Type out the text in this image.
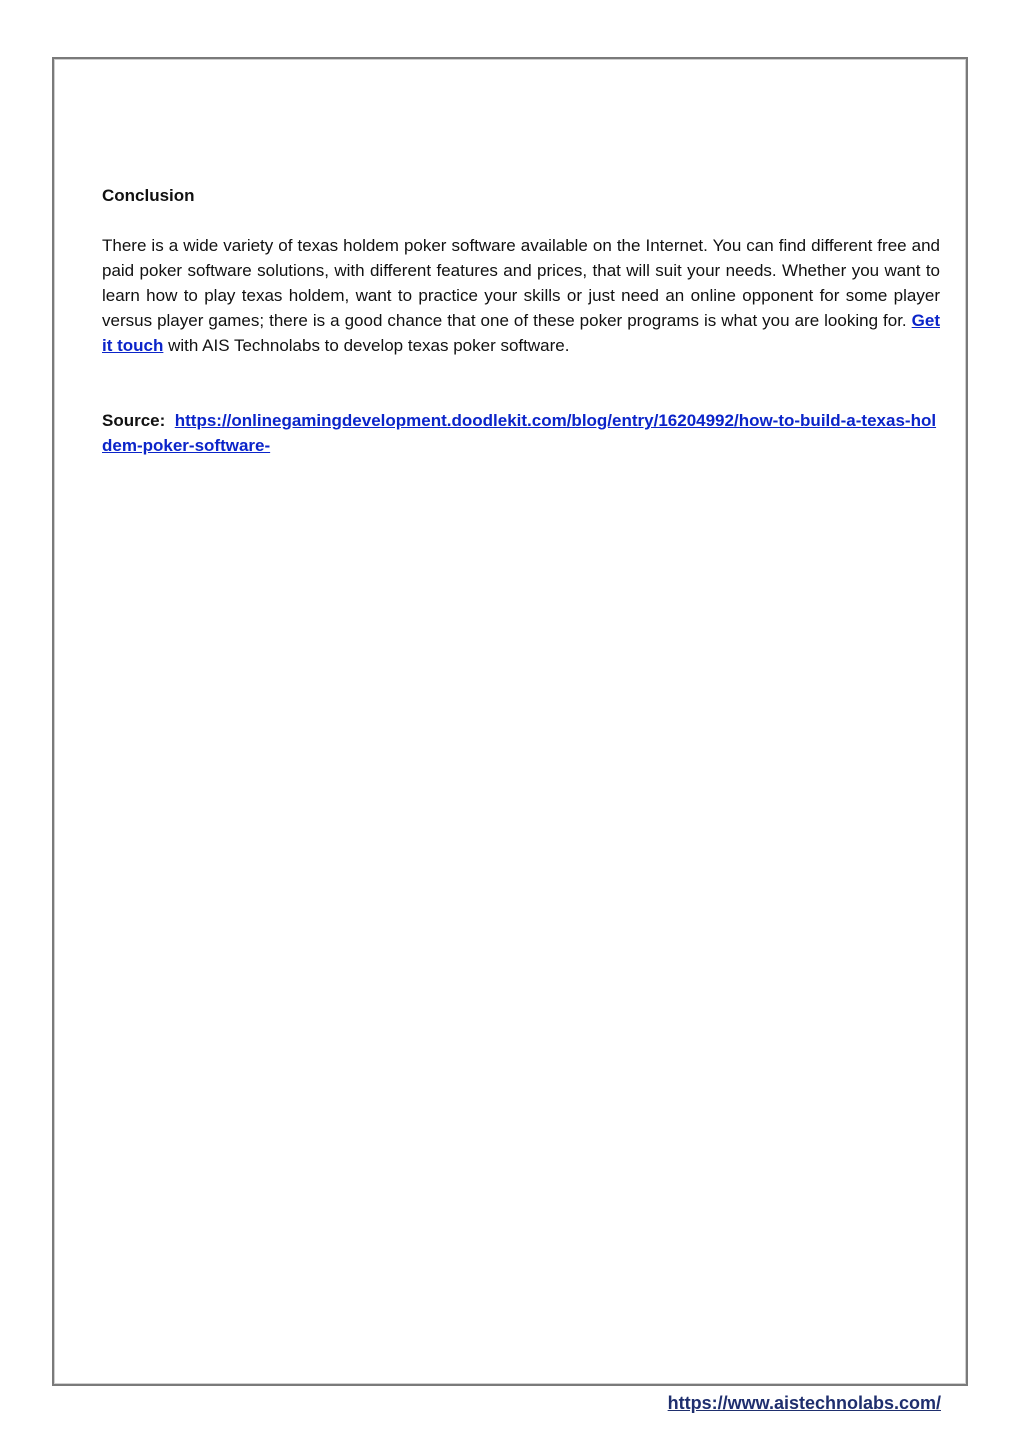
Conclusion

There is a wide variety of texas holdem poker software available on the Internet. You can find different free and paid poker software solutions, with different features and prices, that will suit your needs. Whether you want to learn how to play texas holdem, want to practice your skills or just need an online opponent for some player versus player games; there is a good chance that one of these poker programs is what you are looking for. Get it touch with AIS Technolabs to develop texas poker software.

Source: https://onlinegamingdevelopment.doodlekit.com/blog/entry/16204992/how-to-build-a-texas-holdem-poker-software-

https://www.aistechnolabs.com/
